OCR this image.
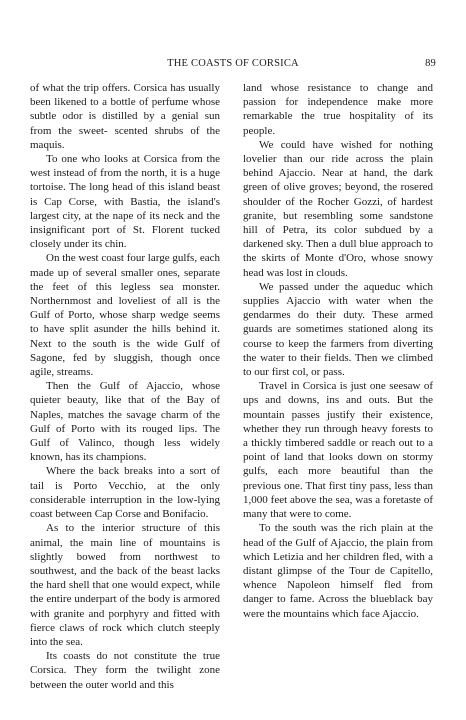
THE COASTS OF CORSICA	89

of what the trip offers. Corsica has usually been likened to a bottle of perfume whose subtle odor is distilled by a genial sun from the sweet- scented shrubs of the maquis.

To one who looks at Corsica from the west instead of from the north, it is a huge tortoise. The long head of this island beast is Cap Corse, with Bastia, the island's largest city, at the nape of its neck and the insignificant port of St. Florent tucked closely under its chin.

On the west coast four large gulfs, each made up of several smaller ones, separate the feet of this legless sea monster. Northernmost and loveliest of all is the Gulf of Porto, whose sharp wedge seems to have split asunder the hills behind it. Next to the south is the wide Gulf of Sagone, fed by sluggish, though once agile, streams.

Then the Gulf of Ajaccio, whose quieter beauty, like that of the Bay of Naples, matches the savage charm of the Gulf of Porto with its rouged lips. The Gulf of Valinco, though less widely known, has its champions.

Where the back breaks into a sort of tail is Porto Vecchio, at the only considerable interruption in the low-lying coast between Cap Corse and Bonifacio.

As to the interior structure of this animal, the main line of mountains is slightly bowed from northwest to southwest, and the back of the beast lacks the hard shell that one would expect, while the entire underpart of the body is armored with granite and porphyry and fitted with fierce claws of rock which clutch steeply into the sea.

Its coasts do not constitute the true Corsica. They form the twilight zone between the outer world and this

land whose resistance to change and passion for independence make more remarkable the true hospitality of its people.

We could have wished for nothing lovelier than our ride across the plain behind Ajaccio. Near at hand, the dark green of olive groves; beyond, the rosered shoulder of the Rocher Gozzi, of hardest granite, but resembling some sandstone hill of Petra, its color subdued by a darkened sky. Then a dull blue approach to the skirts of Monte d'Oro, whose snowy head was lost in clouds.

We passed under the aqueduc which supplies Ajaccio with water when the gendarmes do their duty. These armed guards are sometimes stationed along its course to keep the farmers from diverting the water to their fields. Then we climbed to our first col, or pass.

Travel in Corsica is just one seesaw of ups and downs, ins and outs. But the mountain passes justify their existence, whether they run through heavy forests to a thickly timbered saddle or reach out to a point of land that looks down on stormy gulfs, each more beautiful than the previous one. That first tiny pass, less than 1,000 feet above the sea, was a foretaste of many that were to come.

To the south was the rich plain at the head of the Gulf of Ajaccio, the plain from which Letizia and her children fled, with a distant glimpse of the Tour de Capitello, whence Napoleon himself fled from danger to fame. Across the blueblack bay were the mountains which face Ajaccio.
